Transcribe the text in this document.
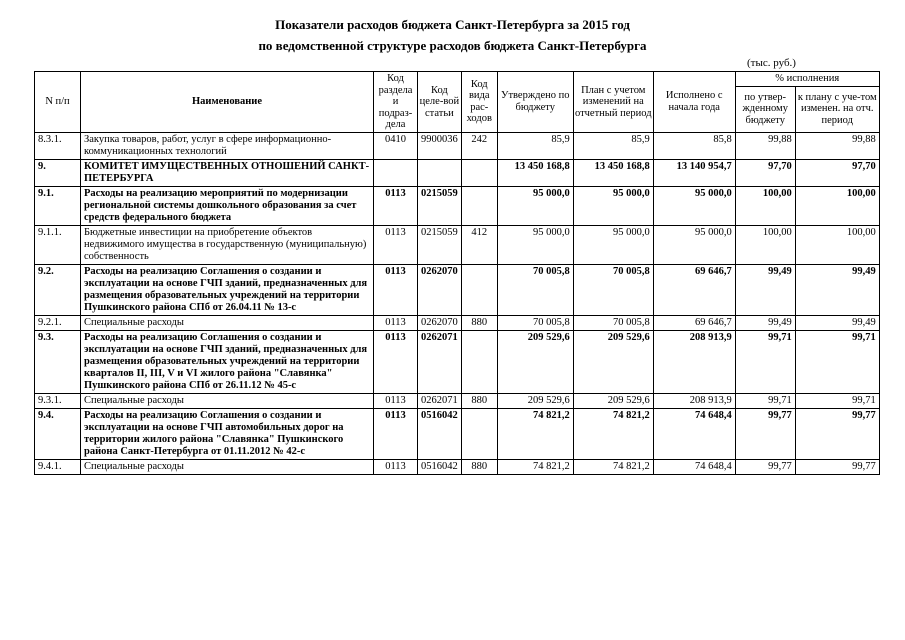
Показатели расходов бюджета Санкт-Петербурга за 2015 год
по ведомственной структуре расходов бюджета Санкт-Петербурга
(тыс. руб.)
N п/п	Наименование	Код раздела и подраз-дела	Код целе-вой статьи	Код вида рас-ходов	Утверждено по бюджету	План с учетом изменений на отчетный период	Исполнено с начала года	% исполнения	
								по утвер-жденному бюджету	к плану с уче-том изменен. на отч. период
8.3.1.	Закупка товаров, работ, услуг в сфере информационно-коммуникационных технологий	0410	9900036	242	85,9	85,9	85,8	99,88	99,88
9.	КОМИТЕТ ИМУЩЕСТВЕННЫХ ОТНОШЕНИЙ САНКТ-ПЕТЕРБУРГА				13 450 168,8	13 450 168,8	13 140 954,7	97,70	97,70
9.1.	Расходы на реализацию мероприятий по модернизации региональной системы дошкольного образования за счет средств федерального бюджета	0113	0215059		95 000,0	95 000,0	95 000,0	100,00	100,00
9.1.1.	Бюджетные инвестиции на приобретение объектов недвижимого имущества в государственную (муниципальную) собственность	0113	0215059	412	95 000,0	95 000,0	95 000,0	100,00	100,00
9.2.	Расходы на реализацию Соглашения о создании и эксплуатации на основе ГЧП зданий, предназначенных для размещения образовательных учреждений на территории Пушкинского района СПб от 26.04.11 № 13-с	0113	0262070		70 005,8	70 005,8	69 646,7	99,49	99,49
9.2.1.	Специальные расходы	0113	0262070	880	70 005,8	70 005,8	69 646,7	99,49	99,49
9.3.	Расходы на реализацию Соглашения о создании и эксплуатации на основе ГЧП зданий, предназначенных для размещения образовательных учреждений на территории кварталов II, III, V и VI жилого района "Славянка" Пушкинского района СПб от 26.11.12 № 45-с	0113	0262071		209 529,6	209 529,6	208 913,9	99,71	99,71
9.3.1.	Специальные расходы	0113	0262071	880	209 529,6	209 529,6	208 913,9	99,71	99,71
9.4.	Расходы на реализацию Соглашения о создании и эксплуатации на основе ГЧП автомобильных дорог на территории жилого района "Славянка" Пушкинского района Санкт-Петербурга от 01.11.2012 № 42-с	0113	0516042		74 821,2	74 821,2	74 648,4	99,77	99,77
9.4.1.	Специальные расходы	0113	0516042	880	74 821,2	74 821,2	74 648,4	99,77	99,77
